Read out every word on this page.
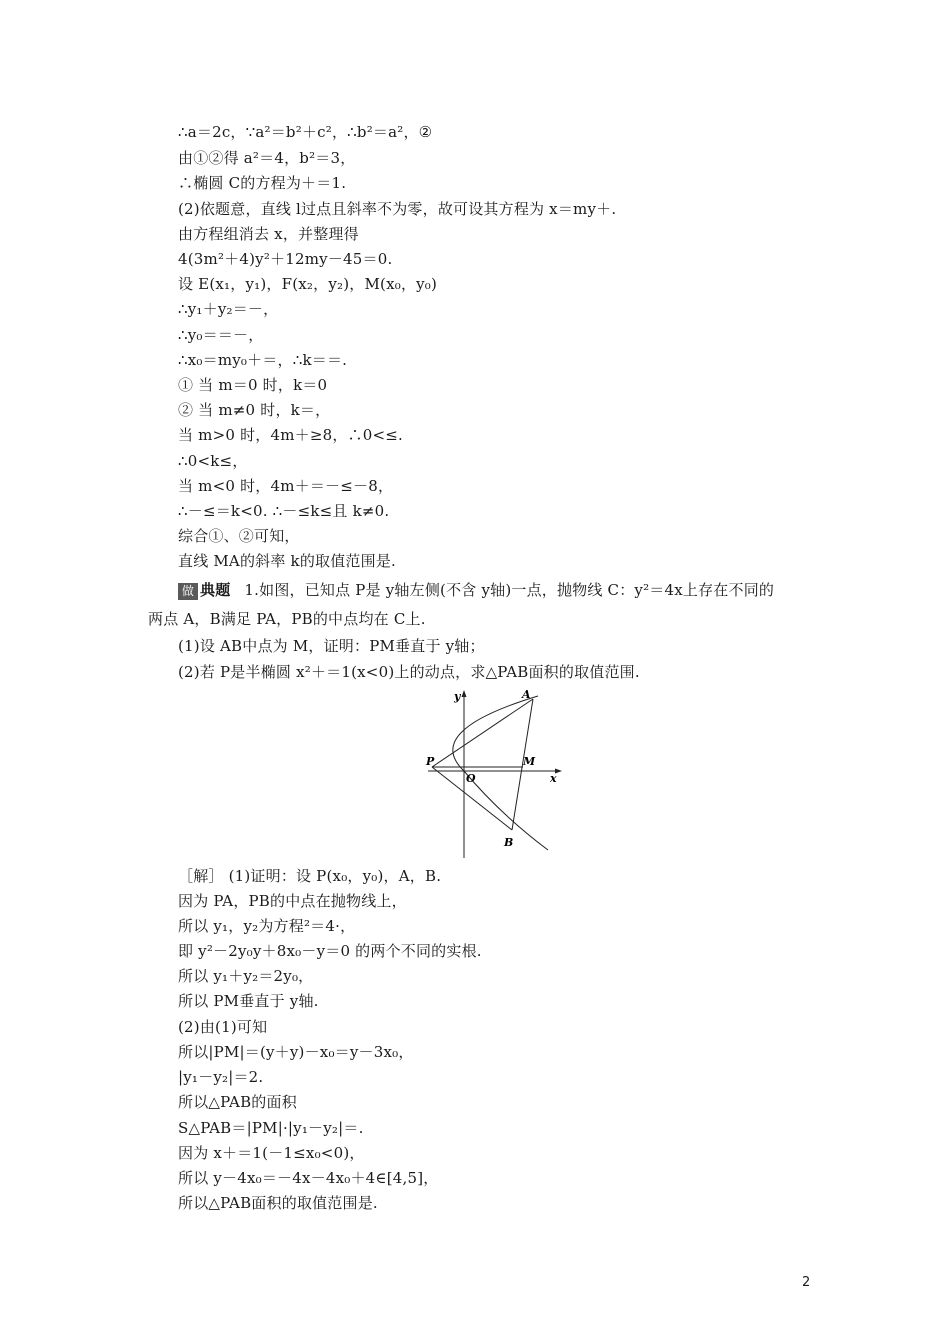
∴a＝2c，∵a²＝b²＋c²，∴b²＝a²，②
由①②得 a²＝4，b²＝3，
∴椭圆 C的方程为＋＝1.
(2)依题意，直线 l过点且斜率不为零，故可设其方程为 x＝my＋.
由方程组消去 x，并整理得
4(3m²＋4)y²＋12my－45＝0.
设 E(x₁，y₁)，F(x₂，y₂)，M(x₀，y₀)
∴y₁＋y₂＝－，
∴y₀＝＝－，
∴x₀＝my₀＋＝，∴k＝＝.
① 当 m＝0 时，k＝0
② 当 m≠0 时，k＝，
当 m>0 时，4m＋≥8，∴0<≤.
∴0<k≤，
当 m<0 时，4m＋＝－≤－8，
∴－≤＝k<0. ∴－≤k≤且 k≠0.
综合①、②可知，
直线 MA的斜率 k的取值范围是.
做 典题 1.如图，已知点 P是 y轴左侧(不含 y轴)一点，抛物线 C：y²＝4x上存在不同的
两点 A，B满足 PA，PB的中点均在 C上.
(1)设 AB中点为 M，证明：PM垂直于 y轴；
(2)若 P是半椭圆 x²＋＝1(x<0)上的动点，求△PAB面积的取值范围.
y
x
P
O
M
A
B
［解］ (1)证明：设 P(x₀，y₀)，A，B.
因为 PA，PB的中点在抛物线上，
所以 y₁，y₂为方程²＝4·，
即 y²－2y₀y＋8x₀－y＝0 的两个不同的实根.
所以 y₁＋y₂＝2y₀，
所以 PM垂直于 y轴.
(2)由(1)可知
所以|PM|＝(y＋y)－x₀＝y－3x₀，
|y₁－y₂|＝2.
所以△PAB的面积
S△PAB＝|PM|·|y₁－y₂|＝.
因为 x＋＝1(－1≤x₀<0)，
所以 y－4x₀＝－4x－4x₀＋4∈[4,5]，
所以△PAB面积的取值范围是.
2
